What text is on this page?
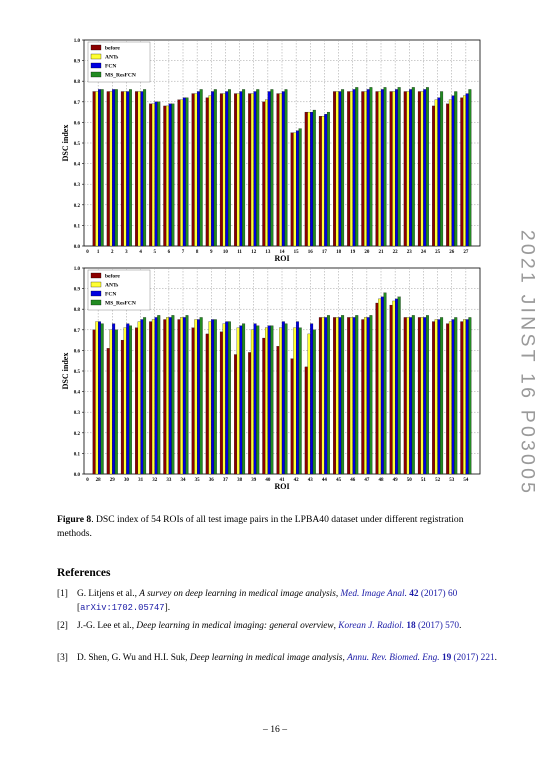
0.0
0.1
0.2
0.3
0.4
0.5
0.6
0.7
0.8
0.9
1.0
0 1 2 3 4 5 6 7 8 9 10 11 12 13 14 15 16 17 18 19 20 21 22 23 24 25 26 27
ROI
DSC index
before
ANTs
FCN
MS_ResFCN
0.0
0.1
0.2
0.3
0.4
0.5
0.6
0.7
0.8
0.9
1.0
0 28 29 30 31 32 33 34 35 36 37 38 39 40 41 42 43 44 45 46 47 48 49 50 51 52 53 54
ROI
DSC index
before
ANTs
FCN
MS_ResFCN
Figure 8. DSC index of 54 ROIs of all test image pairs in the LPBA40 dataset under different registration methods.
References
[1] G. Litjens et al., A survey on deep learning in medical image analysis, Med. Image Anal. 42 (2017) 60 [arXiv:1702.05747].
[2] J.-G. Lee et al., Deep learning in medical imaging: general overview, Korean J. Radiol. 18 (2017) 570.
[3] D. Shen, G. Wu and H.I. Suk, Deep learning in medical image analysis, Annu. Rev. Biomed. Eng. 19 (2017) 221.
– 16 –
2021 JINST 16 P03005
